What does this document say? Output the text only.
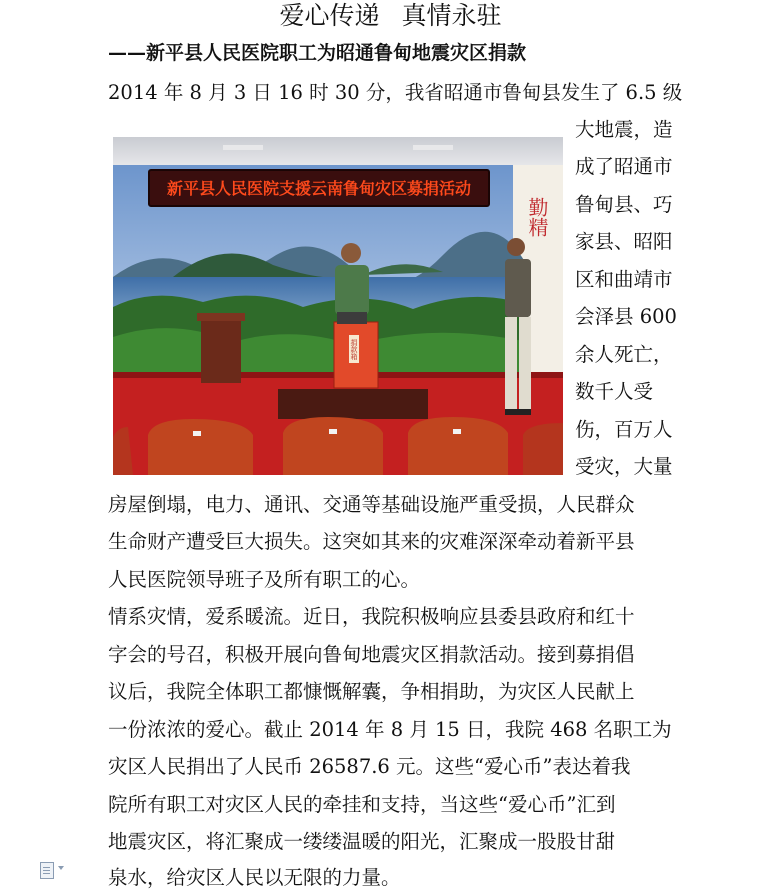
爱心传递 真情永驻
——新平县人民医院职工为昭通鲁甸地震灾区捐款
2014 年 8 月 3 日 16 时 30 分，我省昭通市鲁甸县发生了 6.5 级
勤精
新平县人民医院支援云南鲁甸灾区募捐活动
捐款箱
大地震，造
成了昭通市
鲁甸县、巧
家县、昭阳
区和曲靖市
会泽县 600
余人死亡，
数千人受
伤，百万人
受灾，大量
房屋倒塌，电力、通讯、交通等基础设施严重受损，人民群众
生命财产遭受巨大损失。这突如其来的灾难深深牵动着新平县
人民医院领导班子及所有职工的心。
情系灾情，爱系暖流。近日，我院积极响应县委县政府和红十
字会的号召，积极开展向鲁甸地震灾区捐款活动。接到募捐倡
议后，我院全体职工都慷慨解囊，争相捐助，为灾区人民献上
一份浓浓的爱心。截止 2014 年 8 月 15 日，我院 468 名职工为
灾区人民捐出了人民币 26587.6 元。这些“爱心币”表达着我
院所有职工对灾区人民的牵挂和支持，当这些“爱心币”汇到
地震灾区，将汇聚成一缕缕温暖的阳光，汇聚成一股股甘甜
泉水，给灾区人民以无限的力量。
